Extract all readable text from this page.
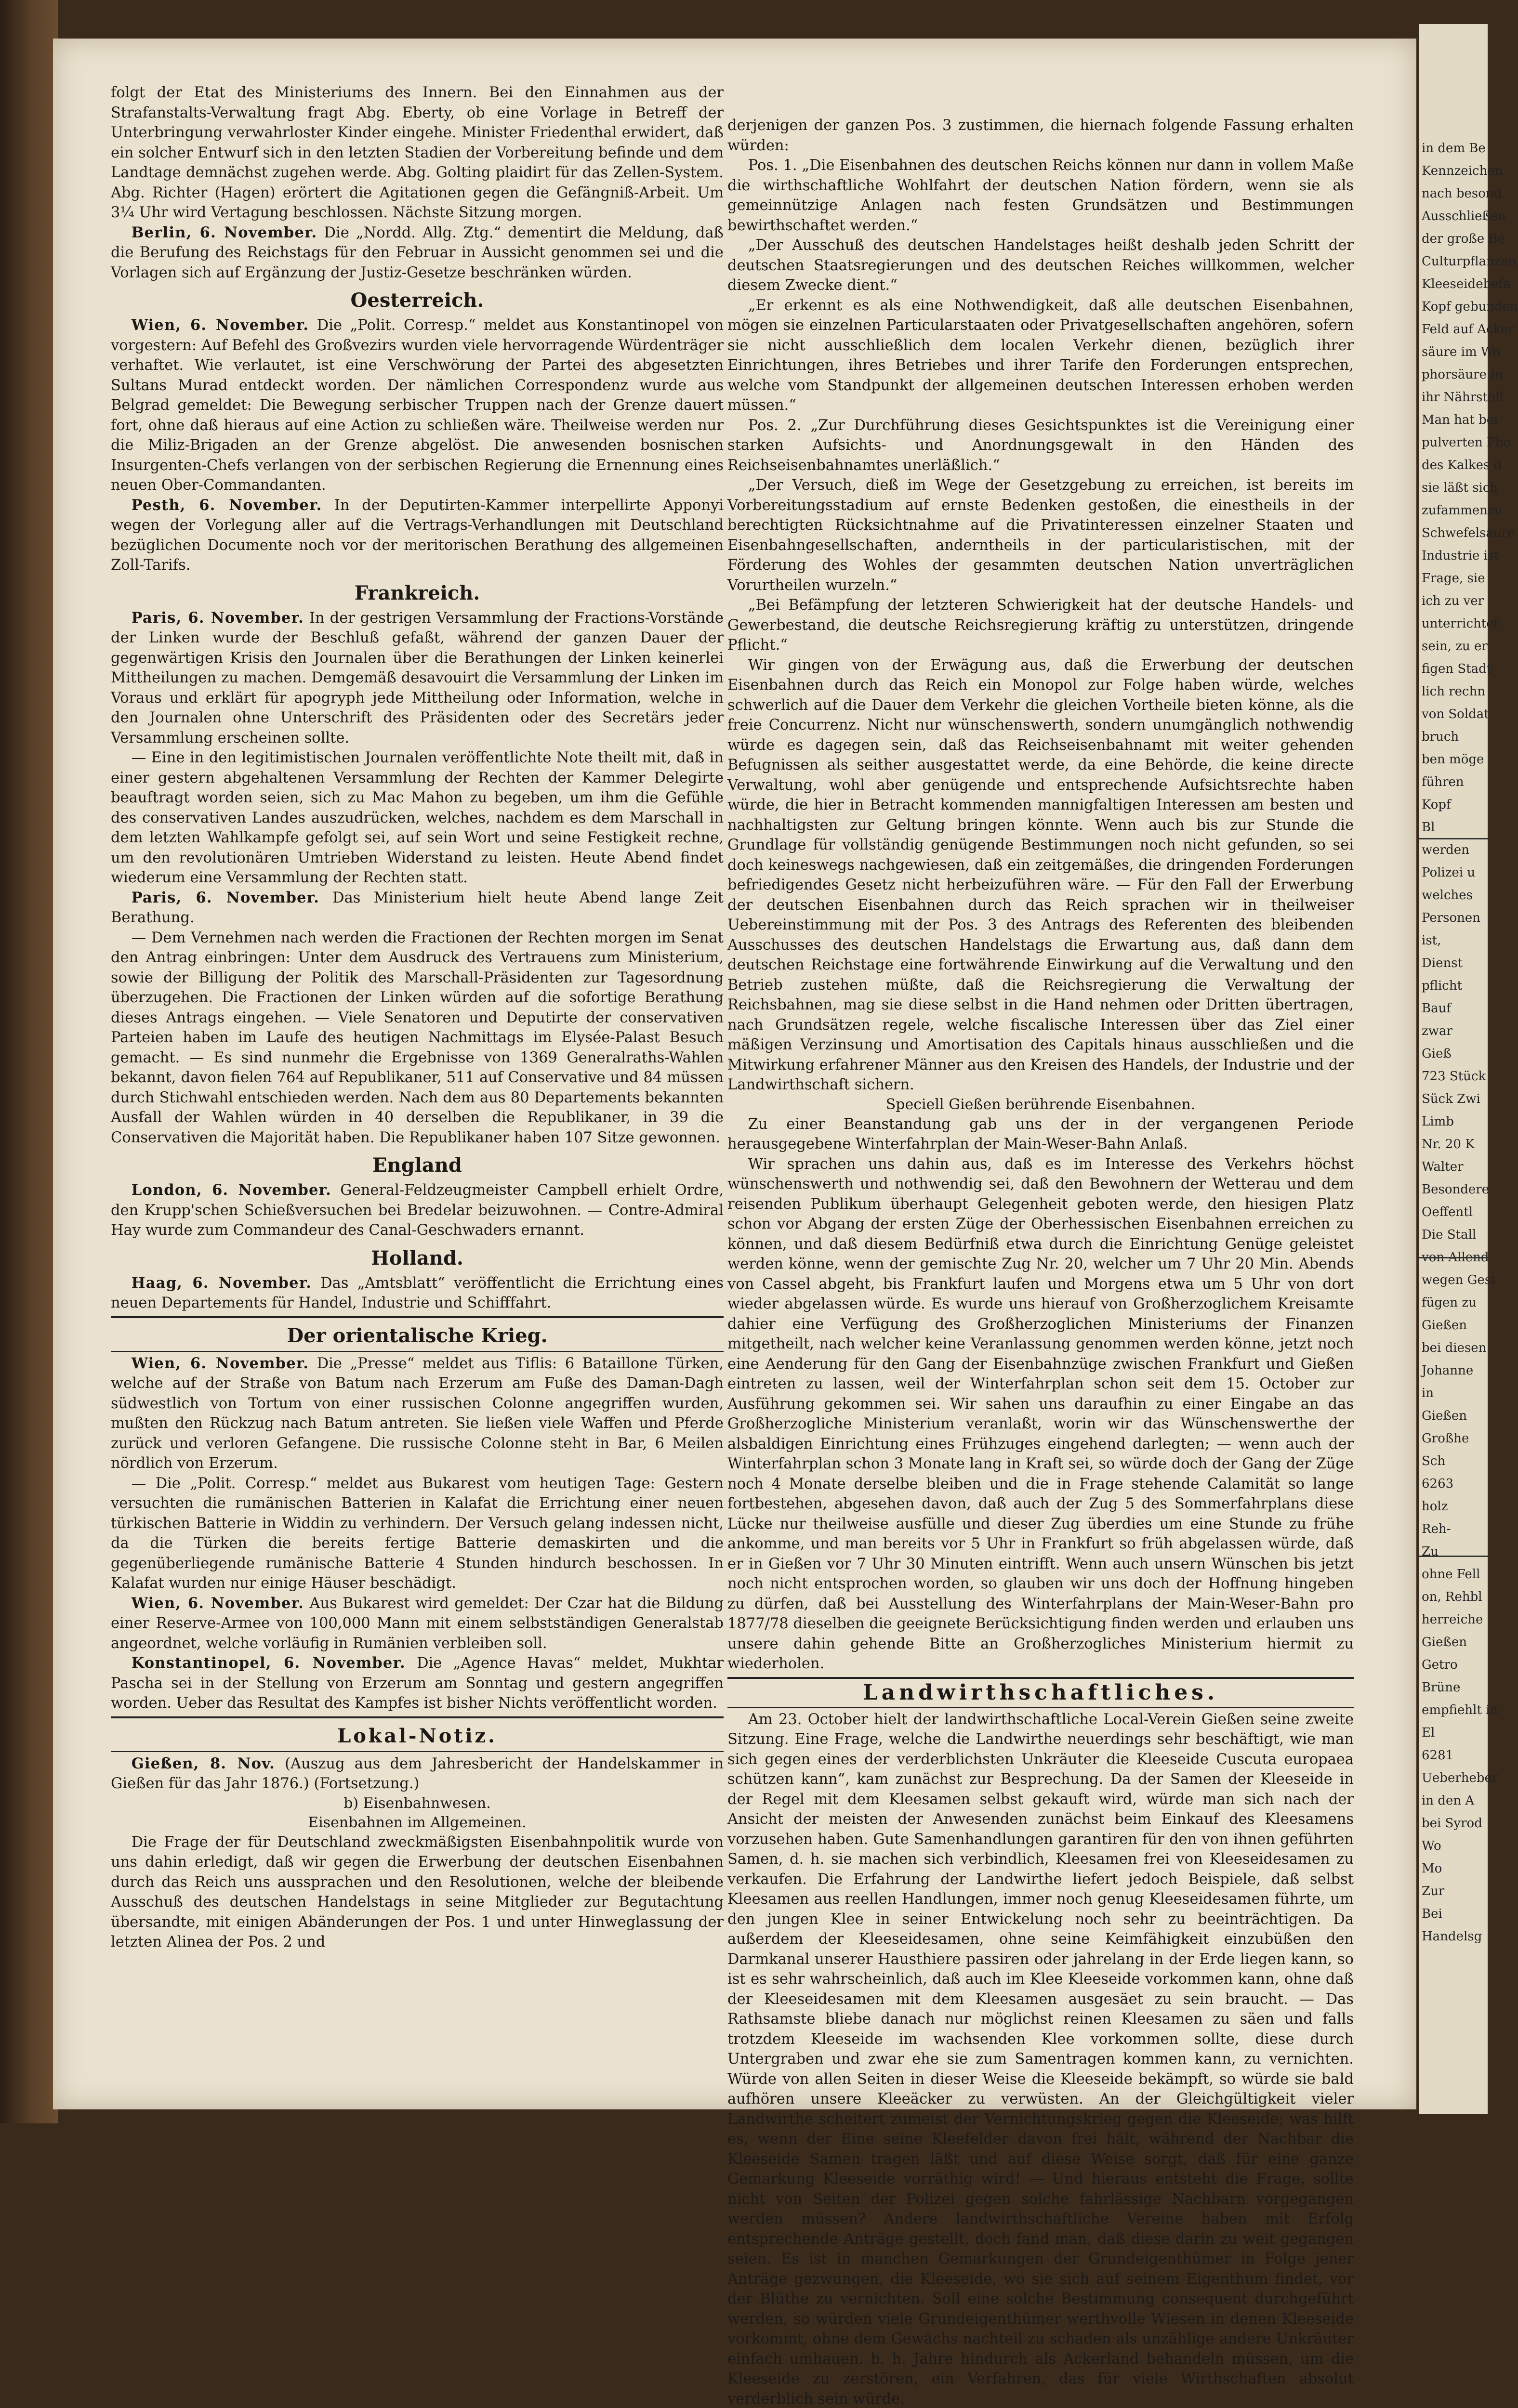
folgt der Etat des Ministeriums des Innern. Bei den Einnahmen aus der Strafanstalts-Verwaltung fragt Abg. Eberty, ob eine Vorlage in Betreff der Unterbringung verwahrloster Kinder eingehe. Minister Friedenthal erwidert, daß ein solcher Entwurf sich in den letzten Stadien der Vorbereitung befinde und dem Landtage demnächst zugehen werde. Abg. Golting plaidirt für das Zellen-System. Abg. Richter (Hagen) erörtert die Agitationen gegen die Gefängniß-Arbeit. Um 3¼ Uhr wird Vertagung beschlossen. Nächste Sitzung morgen.

Berlin, 6. November. Die „Nordd. Allg. Ztg.“ dementirt die Meldung, daß die Berufung des Reichstags für den Februar in Aussicht genommen sei und die Vorlagen sich auf Ergänzung der Justiz-Gesetze beschränken würden.

Oesterreich.

Wien, 6. November. Die „Polit. Corresp.“ meldet aus Konstantinopel von vorgestern: Auf Befehl des Großvezirs wurden viele hervorragende Würdenträger verhaftet. Wie verlautet, ist eine Verschwörung der Partei des abgesetzten Sultans Murad entdeckt worden. Der nämlichen Correspondenz wurde aus Belgrad gemeldet: Die Bewegung serbischer Truppen nach der Grenze dauert fort, ohne daß hieraus auf eine Action zu schließen wäre. Theilweise werden nur die Miliz-Brigaden an der Grenze abgelöst. Die anwesenden bosnischen Insurgenten-Chefs verlangen von der serbischen Regierung die Ernennung eines neuen Ober-Commandanten.

Pesth, 6. November. In der Deputirten-Kammer interpellirte Apponyi wegen der Vorlegung aller auf die Vertrags-Verhandlungen mit Deutschland bezüglichen Documente noch vor der meritorischen Berathung des allgemeinen Zoll-Tarifs.

Frankreich.

Paris, 6. November. In der gestrigen Versammlung der Fractions-Vorstände der Linken wurde der Beschluß gefaßt, während der ganzen Dauer der gegenwärtigen Krisis den Journalen über die Berathungen der Linken keinerlei Mittheilungen zu machen. Demgemäß desavouirt die Versammlung der Linken im Voraus und erklärt für apogryph jede Mittheilung oder Information, welche in den Journalen ohne Unterschrift des Präsidenten oder des Secretärs jeder Versammlung erscheinen sollte.

— Eine in den legitimistischen Journalen veröffentlichte Note theilt mit, daß in einer gestern abgehaltenen Versammlung der Rechten der Kammer Delegirte beauftragt worden seien, sich zu Mac Mahon zu begeben, um ihm die Gefühle des conservativen Landes auszudrücken, welches, nachdem es dem Marschall in dem letzten Wahlkampfe gefolgt sei, auf sein Wort und seine Festigkeit rechne, um den revolutionären Umtrieben Widerstand zu leisten. Heute Abend findet wiederum eine Versammlung der Rechten statt.

Paris, 6. November. Das Ministerium hielt heute Abend lange Zeit Berathung.

— Dem Vernehmen nach werden die Fractionen der Rechten morgen im Senat den Antrag einbringen: Unter dem Ausdruck des Vertrauens zum Ministerium, sowie der Billigung der Politik des Marschall-Präsidenten zur Tagesordnung überzugehen. Die Fractionen der Linken würden auf die sofortige Berathung dieses Antrags eingehen. — Viele Senatoren und Deputirte der conservativen Parteien haben im Laufe des heutigen Nachmittags im Elysée-Palast Besuch gemacht. — Es sind nunmehr die Ergebnisse von 1369 Generalraths-Wahlen bekannt, davon fielen 764 auf Republikaner, 511 auf Conservative und 84 müssen durch Stichwahl entschieden werden. Nach dem aus 80 Departements bekannten Ausfall der Wahlen würden in 40 derselben die Republikaner, in 39 die Conservativen die Majorität haben. Die Republikaner haben 107 Sitze gewonnen.

England

London, 6. November. General-Feldzeugmeister Campbell erhielt Ordre, den Krupp'schen Schießversuchen bei Bredelar beizuwohnen. — Contre-Admiral Hay wurde zum Commandeur des Canal-Geschwaders ernannt.

Holland.

Haag, 6. November. Das „Amtsblatt“ veröffentlicht die Errichtung eines neuen Departements für Handel, Industrie und Schifffahrt.

Der orientalische Krieg.

Wien, 6. November. Die „Presse“ meldet aus Tiflis: 6 Bataillone Türken, welche auf der Straße von Batum nach Erzerum am Fuße des Daman-Dagh südwestlich von Tortum von einer russischen Colonne angegriffen wurden, mußten den Rückzug nach Batum antreten. Sie ließen viele Waffen und Pferde zurück und verloren Gefangene. Die russische Colonne steht in Bar, 6 Meilen nördlich von Erzerum.

— Die „Polit. Corresp.“ meldet aus Bukarest vom heutigen Tage: Gestern versuchten die rumänischen Batterien in Kalafat die Errichtung einer neuen türkischen Batterie in Widdin zu verhindern. Der Versuch gelang indessen nicht, da die Türken die bereits fertige Batterie demaskirten und die gegenüberliegende rumänische Batterie 4 Stunden hindurch beschossen. In Kalafat wurden nur einige Häuser beschädigt.

Wien, 6. November. Aus Bukarest wird gemeldet: Der Czar hat die Bildung einer Reserve-Armee von 100,000 Mann mit einem selbstständigen Generalstab angeordnet, welche vorläufig in Rumänien verbleiben soll.

Konstantinopel, 6. November. Die „Agence Havas“ meldet, Mukhtar Pascha sei in der Stellung von Erzerum am Sonntag und gestern angegriffen worden. Ueber das Resultat des Kampfes ist bisher Nichts veröffentlicht worden.

Lokal-Notiz.

Gießen, 8. Nov. (Auszug aus dem Jahresbericht der Handelskammer in Gießen für das Jahr 1876.) (Fortsetzung.)

b) Eisenbahnwesen.
Eisenbahnen im Allgemeinen.

Die Frage der für Deutschland zweckmäßigsten Eisenbahnpolitik wurde von uns dahin erledigt, daß wir gegen die Erwerbung der deutschen Eisenbahnen durch das Reich uns aussprachen und den Resolutionen, welche der bleibende Ausschuß des deutschen Handelstags in seine Mitglieder zur Begutachtung übersandte, mit einigen Abänderungen der Pos. 1 und unter Hinweglassung der letzten Alinea der Pos. 2 und

derjenigen der ganzen Pos. 3 zustimmen, die hiernach folgende Fassung erhalten würden:

Pos. 1. „Die Eisenbahnen des deutschen Reichs können nur dann in vollem Maße die wirthschaftliche Wohlfahrt der deutschen Nation fördern, wenn sie als gemeinnützige Anlagen nach festen Grundsätzen und Bestimmungen bewirthschaftet werden.“

„Der Ausschuß des deutschen Handelstages heißt deshalb jeden Schritt der deutschen Staatsregierungen und des deutschen Reiches willkommen, welcher diesem Zwecke dient.“

„Er erkennt es als eine Nothwendigkeit, daß alle deutschen Eisenbahnen, mögen sie einzelnen Particularstaaten oder Privatgesellschaften angehören, sofern sie nicht ausschließlich dem localen Verkehr dienen, bezüglich ihrer Einrichtungen, ihres Betriebes und ihrer Tarife den Forderungen entsprechen, welche vom Standpunkt der allgemeinen deutschen Interessen erhoben werden müssen.“

Pos. 2. „Zur Durchführung dieses Gesichtspunktes ist die Vereinigung einer starken Aufsichts- und Anordnungsgewalt in den Händen des Reichseisenbahnamtes unerläßlich.“

„Der Versuch, dieß im Wege der Gesetzgebung zu erreichen, ist bereits im Vorbereitungsstadium auf ernste Bedenken gestoßen, die einestheils in der berechtigten Rücksichtnahme auf die Privatinteressen einzelner Staaten und Eisenbahngesellschaften, anderntheils in der particularistischen, mit der Förderung des Wohles der gesammten deutschen Nation unverträglichen Vorurtheilen wurzeln.“

„Bei Befämpfung der letzteren Schwierigkeit hat der deutsche Handels- und Gewerbestand, die deutsche Reichsregierung kräftig zu unterstützen, dringende Pflicht.“

Wir gingen von der Erwägung aus, daß die Erwerbung der deutschen Eisenbahnen durch das Reich ein Monopol zur Folge haben würde, welches schwerlich auf die Dauer dem Verkehr die gleichen Vortheile bieten könne, als die freie Concurrenz. Nicht nur wünschenswerth, sondern unumgänglich nothwendig würde es dagegen sein, daß das Reichseisenbahnamt mit weiter gehenden Befugnissen als seither ausgestattet werde, da eine Behörde, die keine directe Verwaltung, wohl aber genügende und entsprechende Aufsichtsrechte haben würde, die hier in Betracht kommenden mannigfaltigen Interessen am besten und nachhaltigsten zur Geltung bringen könnte. Wenn auch bis zur Stunde die Grundlage für vollständig genügende Bestimmungen noch nicht gefunden, so sei doch keineswegs nachgewiesen, daß ein zeitgemäßes, die dringenden Forderungen befriedigendes Gesetz nicht herbeizuführen wäre. — Für den Fall der Erwerbung der deutschen Eisenbahnen durch das Reich sprachen wir in theilweiser Uebereinstimmung mit der Pos. 3 des Antrags des Referenten des bleibenden Ausschusses des deutschen Handelstags die Erwartung aus, daß dann dem deutschen Reichstage eine fortwährende Einwirkung auf die Verwaltung und den Betrieb zustehen müßte, daß die Reichsregierung die Verwaltung der Reichsbahnen, mag sie diese selbst in die Hand nehmen oder Dritten übertragen, nach Grundsätzen regele, welche fiscalische Interessen über das Ziel einer mäßigen Verzinsung und Amortisation des Capitals hinaus ausschließen und die Mitwirkung erfahrener Männer aus den Kreisen des Handels, der Industrie und der Landwirthschaft sichern.

Speciell Gießen berührende Eisenbahnen.

Zu einer Beanstandung gab uns der in der vergangenen Periode herausgegebene Winterfahrplan der Main-Weser-Bahn Anlaß.

Wir sprachen uns dahin aus, daß es im Interesse des Verkehrs höchst wünschenswerth und nothwendig sei, daß den Bewohnern der Wetterau und dem reisenden Publikum überhaupt Gelegenheit geboten werde, den hiesigen Platz schon vor Abgang der ersten Züge der Oberhessischen Eisenbahnen erreichen zu können, und daß diesem Bedürfniß etwa durch die Einrichtung Genüge geleistet werden könne, wenn der gemischte Zug Nr. 20, welcher um 7 Uhr 20 Min. Abends von Cassel abgeht, bis Frankfurt laufen und Morgens etwa um 5 Uhr von dort wieder abgelassen würde. Es wurde uns hierauf von Großherzoglichem Kreisamte dahier eine Verfügung des Großherzoglichen Ministeriums der Finanzen mitgetheilt, nach welcher keine Veranlassung genommen werden könne, jetzt noch eine Aenderung für den Gang der Eisenbahnzüge zwischen Frankfurt und Gießen eintreten zu lassen, weil der Winterfahrplan schon seit dem 15. October zur Ausführung gekommen sei. Wir sahen uns daraufhin zu einer Eingabe an das Großherzogliche Ministerium veranlaßt, worin wir das Wünschenswerthe der alsbaldigen Einrichtung eines Frühzuges eingehend darlegten; — wenn auch der Winterfahrplan schon 3 Monate lang in Kraft sei, so würde doch der Gang der Züge noch 4 Monate derselbe bleiben und die in Frage stehende Calamität so lange fortbestehen, abgesehen davon, daß auch der Zug 5 des Sommerfahrplans diese Lücke nur theilweise ausfülle und dieser Zug überdies um eine Stunde zu frühe ankomme, und man bereits vor 5 Uhr in Frankfurt so früh abgelassen würde, daß er in Gießen vor 7 Uhr 30 Minuten eintrifft. Wenn auch unsern Wünschen bis jetzt noch nicht entsprochen worden, so glauben wir uns doch der Hoffnung hingeben zu dürfen, daß bei Ausstellung des Winterfahrplans der Main-Weser-Bahn pro 1877/78 dieselben die geeignete Berücksichtigung finden werden und erlauben uns unsere dahin gehende Bitte an Großherzogliches Ministerium hiermit zu wiederholen.

Landwirthschaftliches.

Am 23. October hielt der landwirthschaftliche Local-Verein Gießen seine zweite Sitzung. Eine Frage, welche die Landwirthe neuerdings sehr beschäftigt, wie man sich gegen eines der verderblichsten Unkräuter die Kleeseide Cuscuta europaea schützen kann“, kam zunächst zur Besprechung. Da der Samen der Kleeseide in der Regel mit dem Kleesamen selbst gekauft wird, würde man sich nach der Ansicht der meisten der Anwesenden zunächst beim Einkauf des Kleesamens vorzusehen haben. Gute Samenhandlungen garantiren für den von ihnen geführten Samen, d. h. sie machen sich verbindlich, Kleesamen frei von Kleeseidesamen zu verkaufen. Die Erfahrung der Landwirthe liefert jedoch Beispiele, daß selbst Kleesamen aus reellen Handlungen, immer noch genug Kleeseidesamen führte, um den jungen Klee in seiner Entwickelung noch sehr zu beeinträchtigen. Da außerdem der Kleeseidesamen, ohne seine Keimfähigkeit einzubüßen den Darmkanal unserer Hausthiere passiren oder jahrelang in der Erde liegen kann, so ist es sehr wahrscheinlich, daß auch im Klee Kleeseide vorkommen kann, ohne daß der Kleeseidesamen mit dem Kleesamen ausgesäet zu sein braucht. — Das Rathsamste bliebe danach nur möglichst reinen Kleesamen zu säen und falls trotzdem Kleeseide im wachsenden Klee vorkommen sollte, diese durch Untergraben und zwar ehe sie zum Samentragen kommen kann, zu vernichten. Würde von allen Seiten in dieser Weise die Kleeseide bekämpft, so würde sie bald aufhören unsere Kleeäcker zu verwüsten. An der Gleichgültigkeit vieler Landwirthe scheitert zumeist der Vernichtungskrieg gegen die Kleeseide; was hilft es, wenn der Eine seine Kleefelder davon frei hält, während der Nachbar die Kleeseide Samen tragen läßt und auf diese Weise sorgt, daß für eine ganze Gemarkung Kleeseide vorräthig wird! — Und hieraus entsteht die Frage, sollte nicht von Seiten der Polizei gegen solche fahrlässige Nachbarn vorgegangen werden müssen? Andere landwirthschaftliche Vereine haben mit Erfolg entsprechende Anträge gestellt, doch fand man, daß diese darin zu weit gegangen seien. Es ist in manchen Gemarkungen der Grundeigenthümer in Folge jener Anträge gezwungen, die Kleeseide, wo sie sich auf seinem Eigenthum findet, vor der Blüthe zu vernichten. Soll eine solche Bestimmung consequent durchgeführt werden, so würden viele Grundeigenthümer werthvolle Wiesen in denen Kleeseide vorkommt, ohne dem Gewächs nachteil zu schaden als unzählige andere Unkräuter einfach umhauen. b. h. Jahre hindurch als Ackerland behandeln müssen, um die Kleeseide zu zerstören, ein Verfahren, das für viele Wirthschaften absolut verderblich sein würde.

in dem Be
Kennzeichen
nach besond
Ausschließen
der große Be
Culturpflanzen
Kleeseidebefa
Kopf gebunden
Feld auf Acker
säure im Wo
phorsäure in
ihr Nährstoff
Man hat bei
pulverten Pho
des Kalkes d
sie läßt sich
zufammenzu
Schwefelsäure
Industrie ist
Frage, sie
ich zu ver
unterrichtet
sein, zu er
figen Stadt
lich rechn
von Soldat
bruch
ben möge
führen
Kopf
Bl
werden
Polizei u
welches
Personen
ist,
Dienst
pflicht
Bauf
zwar
Gieß
723 Stück
Sück Zwi
Limb
Nr. 20 K
Walter
Besondere
Oeffentl
Die Stall
von Allend
wegen Gest
fügen zu
Gießen
bei diesen
Johanne
in
Gießen
Großhe
Sch
6263
holz
Reh-
Zu
ohne Fell
on, Rehbl
herreiche
Gießen
Getro
Brüne
empfiehlt in
El
6281
Ueberheber
in den A
bei Syrod
Wo
Mo
Zur
Bei
Handelsg
